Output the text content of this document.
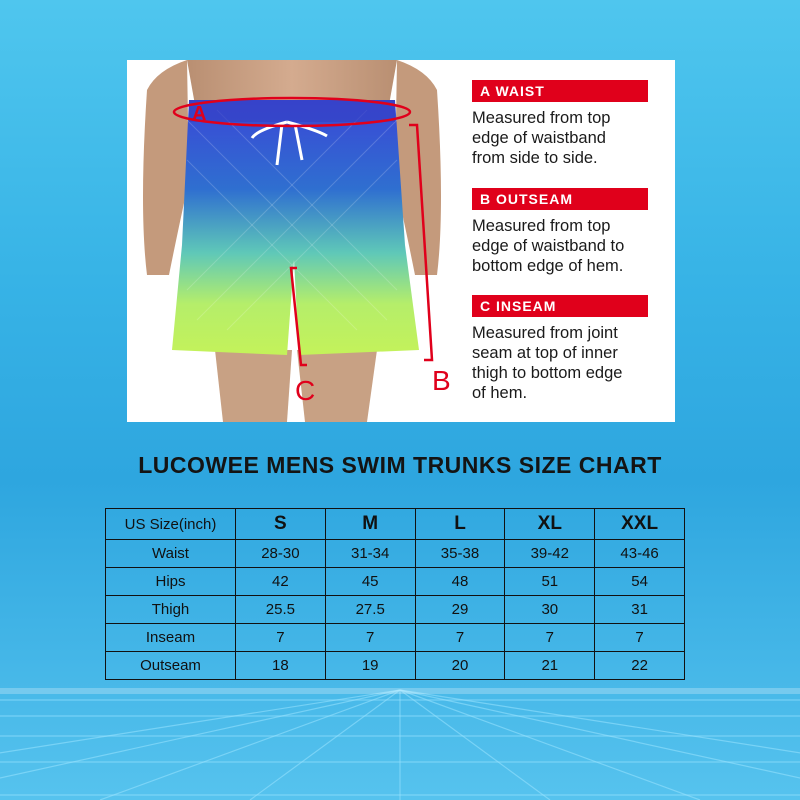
A
B
C
A WAIST
Measured from top
edge of waistband
from side to side.
B OUTSEAM
Measured from top
edge of waistband to
bottom edge of hem.
C INSEAM
Measured from joint
seam at top of inner
thigh to bottom edge
of hem.
LUCOWEE MENS SWIM TRUNKS SIZE CHART
US Size(inch)	S	M	L	XL	XXL
Waist	28-30	31-34	35-38	39-42	43-46
Hips	42	45	48	51	54
Thigh	25.5	27.5	29	30	31
Inseam	7	7	7	7	7
Outseam	18	19	20	21	22
